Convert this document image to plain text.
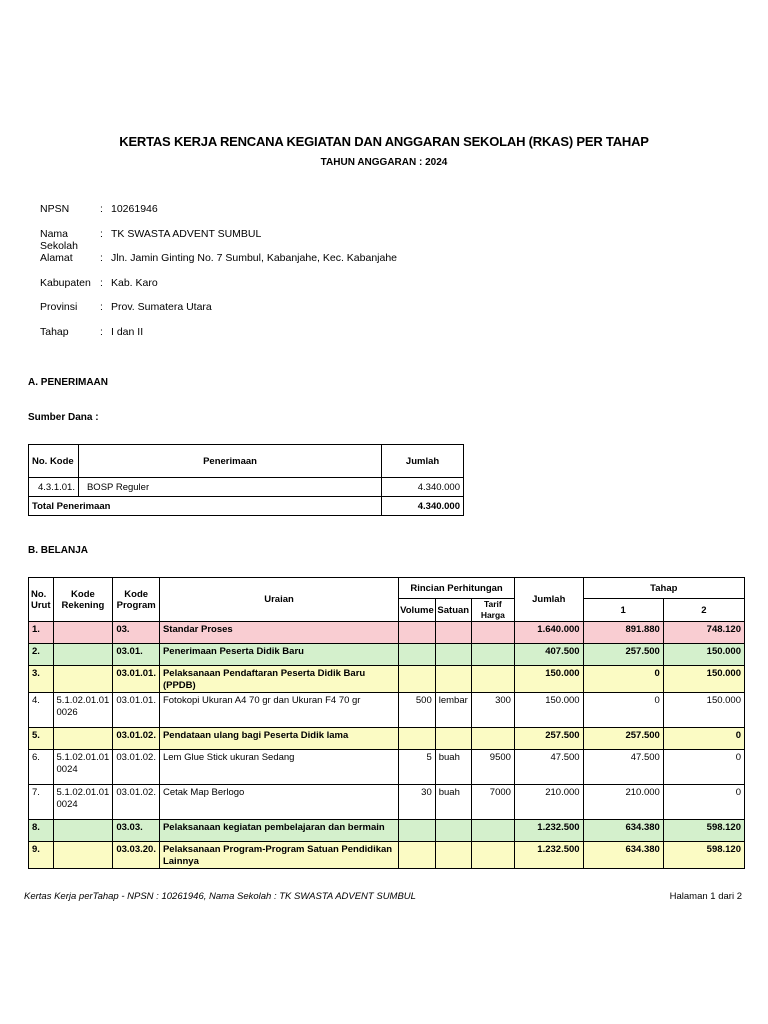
KERTAS KERJA RENCANA KEGIATAN DAN ANGGARAN SEKOLAH (RKAS) PER TAHAP
TAHUN ANGGARAN : 2024
NPSN	: 10261946
Nama Sekolah
: TK SWASTA ADVENT SUMBUL
Alamat	: Jln. Jamin Ginting No. 7 Sumbul, Kabanjahe, Kec. Kabanjahe
Kabupaten : Kab. Karo
Provinsi : Prov. Sumatera Utara
Tahap	: I dan II
A. PENERIMAAN
Sumber Dana :
No. Kode	Penerimaan	Jumlah
4.3.1.01.	BOSP Reguler	4.340.000
Total Penerimaan		4.340.000
B. BELANJA
No. Urut	Kode Rekening	Kode Program	Uraian	Rincian Perhitungan			Jumlah	Tahap	
				Volume	Satuan	Tarif Harga		1	2
1.		03.	Standar Proses				1.640.000	891.880	748.120
2.		03.01.	Penerimaan Peserta Didik Baru				407.500	257.500	150.000
3.		03.01.01.	Pelaksanaan Pendaftaran Peserta Didik Baru (PPDB)				150.000	0	150.000
4.	5.1.02.01.01 0026	03.01.01.	Fotokopi Ukuran A4 70 gr dan Ukuran F4 70 gr	500	lembar	300	150.000	0	150.000
5.		03.01.02.	Pendataan ulang bagi Peserta Didik lama				257.500	257.500	0
6.	5.1.02.01.01 0024	03.01.02.	Lem Glue Stick ukuran Sedang	5	buah	9500	47.500	47.500	0
7.	5.1.02.01.01 0024	03.01.02.	Cetak Map Berlogo	30	buah	7000	210.000	210.000	0
8.		03.03.	Pelaksanaan kegiatan pembelajaran dan bermain				1.232.500	634.380	598.120
9.		03.03.20.	Pelaksanaan Program-Program Satuan Pendidikan Lainnya				1.232.500	634.380	598.120
Kertas Kerja perTahap - NPSN : 10261946, Nama Sekolah : TK SWASTA ADVENT SUMBUL	Halaman 1 dari 2
